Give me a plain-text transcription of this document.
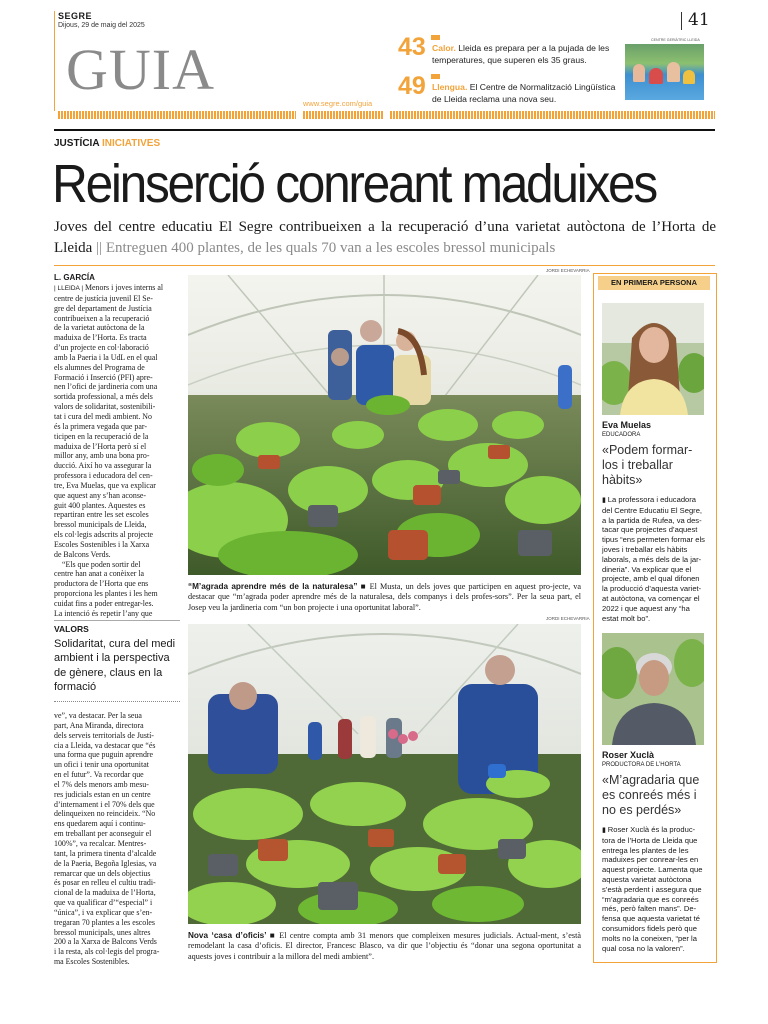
SEGRE
Dijous, 29 de maig del 2025	41
GUIA
www.segre.com/guia
43 Calor. Lleida es prepara per a la pujada de les temperatures, que superen els 35 graus.
49 Llengua. El Centre de Normalització Lingüística de Lleida reclama una nova seu.
CENTRE GERIÀTRIC LLEIDA
JUSTÍCIA INICIATIVES
Reinserció conreant maduixes
Joves del centre educatiu El Segre contribueixen a la recuperació d’una varietat autòctona de l’Horta de Lleida || Entreguen 400 plantes, de les quals 70 van a les escoles bressol municipals
L. GARCÍA
| LLEIDA | Menors i joves interns al
centre de justícia juvenil El Se-
gre del departament de Justícia
contribueixen a la recuperació
de la varietat autòctona de la
maduixa de l’Horta. Es tracta
d’un projecte en col·laboració
amb la Paeria i la UdL en el qual
els alumnes del Programa de
Formació i Inserció (PFI) apre-
nen l’ofici de jardineria com una
sortida professional, a més dels
valors de solidaritat, sostenibili-
tat i cura del medi ambient. No
és la primera vegada que par-
ticipen en la recuperació de la
maduixa de l’Horta però sí el
millor any, amb una bona pro-
ducció. Així ho va assegurar la
professora i educadora del cen-
tre, Eva Muelas, que va explicar
que aquest any s’han aconse-
guit 400 plantes. Aquestes es
repartiran entre les set escoles
bressol municipals de Lleida,
els col·legis adscrits al projecte
Escoles Sostenibles i la Xarxa
de Balcons Verds.
“Els que poden sortir del
centre han anat a conèixer la
productora de l’Horta que ens
proporciona les plantes i les hem
cuidat fins a poder entregar-les.
La intenció és repetir l’any que
VALORS
Solidaritat, cura del medi ambient i la perspectiva de gènere, claus en la formació
ve”, va destacar. Per la seua
part, Ana Miranda, directora
dels serveis territorials de Justí-
cia a Lleida, va destacar que “és
una forma que puguin aprendre
un ofici i tenir una oportunitat
en el futur”. Va recordar que
el 7% dels menors amb mesu-
res judicials estan en un centre
d’internament i el 70% dels que
delinqueixen no reincideix. “No
ens quedarem aquí i continu-
em treballant per aconseguir el
100%”, va recalcar. Mentres-
tant, la primera tinenta d’alcalde
de la Paeria, Begoña Iglesias, va
remarcar que un dels objectius
és posar en relleu el cultiu tradi-
cional de la maduixa de l’Horta,
que va qualificar d’“especial” i
“única”, i va explicar que s’en-
tregaran 70 plantes a les escoles
bressol municipals, unes altres
200 a la Xarxa de Balcons Verds
i la resta, als col·legis del progra-
ma Escoles Sostenibles.
JORDI ECHEVARRIA
“M’agrada aprendre més de la naturalesa” ■ El Musta, un dels joves que participen en aquest pro-jecte, va destacar que “m’agrada poder aprendre més de la naturalesa, dels companys i dels profes-sors”. Per la seua part, el Josep veu la jardineria com “un bon projecte i una oportunitat laboral”.
JORDI ECHEVARRIA
Nova ‘casa d’oficis’ ■ El centre compta amb 31 menors que compleixen mesures judicials. Actual-ment, s’està remodelant la casa d’oficis. El director, Francesc Blasco, va dir que l’objectiu és “donar una segona oportunitat a aquests joves i contribuir a la millora del medi ambient”.
EN PRIMERA PERSONA
Eva Muelas
EDUCADORA
«Podem formar-los i treballar hàbits»
▮ La professora i educadora del Centre Educatiu El Segre, a la partida de Rufea, va des-tacar que projectes d’aquest tipus “ens permeten formar els joves i treballar els hàbits laborals, a més dels de la jar-dineria”. Va explicar que el projecte, amb el qual difonen la producció d’aquesta variet-at autòctona, va començar el 2022 i que aquest any “ha estat molt bo”.
Roser Xuclà
PRODUCTORA DE L’HORTA
«M’agradaria que es conreés més i no es perdés»
▮ Roser Xuclà és la produc-tora de l’Horta de Lleida que entrega les plantes de les maduixes per conrear-les en aquest projecte. Lamenta que aquesta varietat autòctona s’està perdent i assegura que “m’agradaria que es conreés més, però falten mans”. De-fensa que aquesta varietat té consumidors fidels però que molts no la coneixen, “per la qual cosa no la valoren”.
